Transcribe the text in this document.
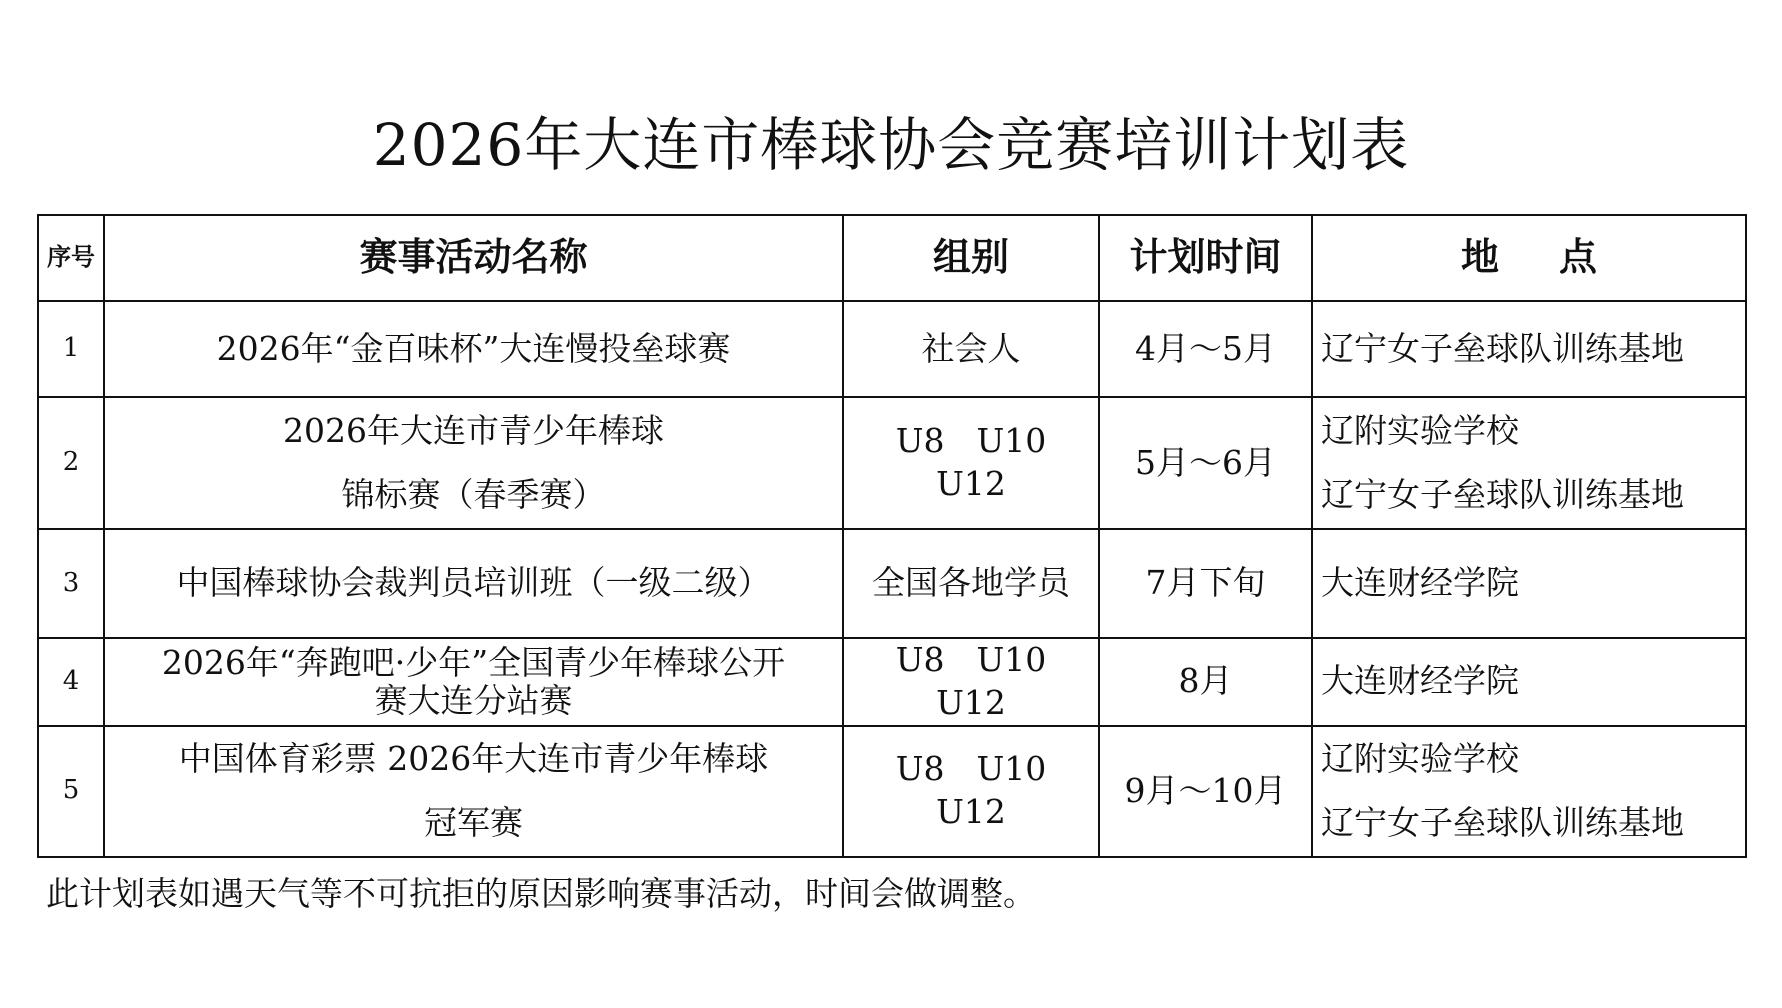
2026年大连市棒球协会竞赛培训计划表
序号	赛事活动名称	组别	计划时间	地 点
1	2026年“金百味杯”大连慢投垒球赛	社会人	4月～5月	辽宁女子垒球队训练基地

2	2026年大连市青少年棒球
锦标赛（春季赛）	U8 U10U12	5月～6月	辽附实验学校
辽宁女子垒球队训练基地

3	中国棒球协会裁判员培训班（一级二级）	全国各地学员	7月下旬	大连财经学院

4	2026年“奔跑吧·少年”全国青少年棒球公开
赛大连分站赛	U8 U10U12	8月	大连财经学院

5	中国体育彩票 2026年大连市青少年棒球
冠军赛	U8 U10U12	9月～10月	辽附实验学校
辽宁女子垒球队训练基地
此计划表如遇天气等不可抗拒的原因影响赛事活动，时间会做调整。
